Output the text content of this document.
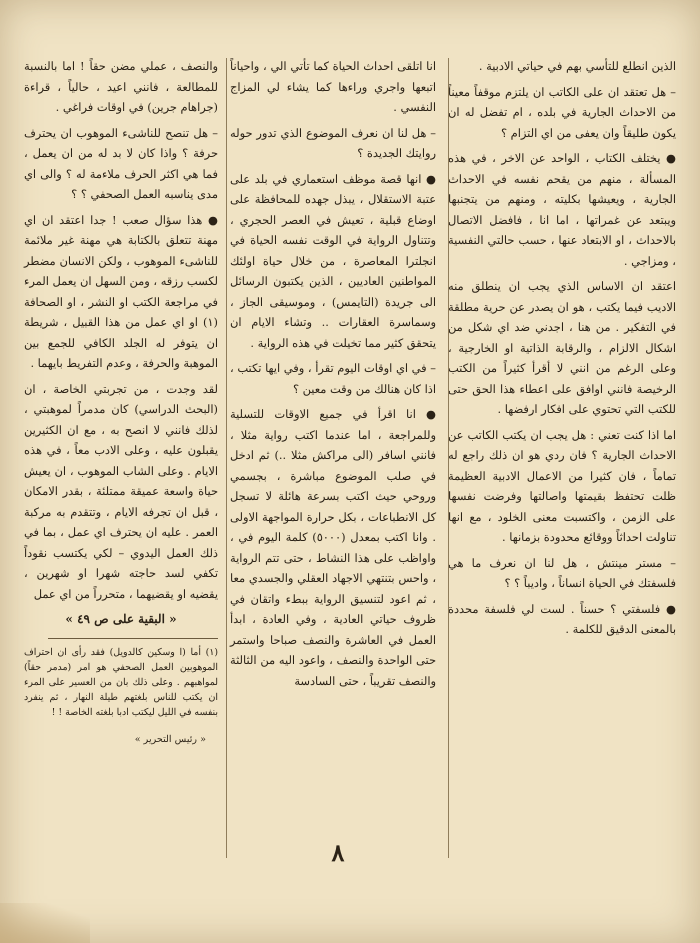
الذين انطلع للتأسي بهم في حياتي الادبية .

– هل تعتقد ان على الكاتب ان يلتزم موقفاً معيناً من الاحداث الجارية في بلده ، ام تفضل له ان يكون طليقاً وان يعفى من اي التزام ؟

● يختلف الكتاب ، الواحد عن الاخر ، في هذه المسألة ، منهم من يقحم نفسه في الاحداث الجارية ، ويعيشها بكليته ، ومنهم من يتجنبها ويبتعد عن غمراتها ، اما انا ، فافضل الاتصال بالاحداث ، او الابتعاد عنها ، حسب حالتي النفسية ، ومزاجي .

اعتقد ان الاساس الذي يجب ان ينطلق منه الاديب فيما يكتب ، هو ان يصدر عن حرية مطلقة في التفكير . من هنا ، اجدني ضد اي شكل من اشكال الالزام ، والرقابة الذاتية او الخارجية ، وعلى الرغم من انني لا أقرأ كثيراً من الكتب الرخيصة فانني اوافق على اعطاء هذا الحق حتى للكتب التي تحتوي على افكار ارفضها .

اما اذا كنت تعني : هل يجب ان يكتب الكاتب عن الاحداث الجارية ؟ فان ردي هو ان ذلك راجع له تماماً ، فان كثيرا من الاعمال الادبية العظيمة ظلت تحتفظ بقيمتها واصالتها وفرضت نفسها على الزمن ، واكتسبت معنى الخلود ، مع انها تناولت احداثاً ووقائع محدودة بزمانها .

– مستر مينتش ، هل لنا ان نعرف ما هي فلسفتك في الحياة انساناً ، واديباً ؟ ؟

● فلسفتي ؟ حسناً . لست لي فلسفة محددة بالمعنى الدقيق للكلمة .

انا اتلقى احداث الحياة كما تأتي الي ، واحياناً اتبعها واجري وراءها كما يشاء لي المزاج النفسي .

– هل لنا ان نعرف الموضوع الذي تدور حوله روايتك الجديدة ؟

● انها قصة موظف استعماري في بلد على عتبة الاستقلال ، يبذل جهده للمحافظة على اوضاع قبلية ، تعيش في العصر الحجري ، وتتناول الرواية في الوقت نفسه الحياة في انجلترا المعاصرة ، من خلال حياة اولئك المواطنين العاديين ، الذين يكتبون الرسائل الى جريدة (التايمس) ، وموسيقى الجاز ، وسماسرة العقارات .. وتشاء الايام ان يتحقق كثير مما تخيلت في هذه الرواية .

– في اي اوقات اليوم تقرأ ، وفي ايها تكتب ، اذا كان هنالك من وقت معين ؟

● انا اقرأ في جميع الاوقات للتسلية وللمراجعة ، اما عندما اكتب رواية مثلا ، فانني اسافر (الى مراكش مثلا ..) ثم ادخل في صلب الموضوع مباشرة ، بجسمي وروحي حيث اكتب بسرعة هائلة لا تسجل كل الانطباعات ، بكل حرارة المواجهة الاولى . وانا اكتب بمعدل (٥٠٠٠) كلمة اليوم في ، واواظب على هذا النشاط ، حتى تتم الرواية ، واحس بتنتهي الاجهاد العقلي والجسدي معا ، ثم اعود لتنسيق الرواية ببطء واتقان في ظروف حياتي العادية ، وفي العادة ، ابدأ العمل في العاشرة والنصف صباحا واستمر حتى الواحدة والنصف ، واعود اليه من الثالثة والنصف تقريباً ، حتى السادسة

والنصف ، عملي مضن حقاً ! اما بالنسبة للمطالعة ، فانني اعيد ، حالياً ، قراءة (جراهام جرين) في اوقات فراغي .

– هل تنصح للناشىء الموهوب ان يحترف حرفة ؟ واذا كان لا بد له من ان يعمل ، فما هي اكثر الحرف ملاءمة له ؟ والى اي مدى يناسبه العمل الصحفي ؟ ؟

● هذا سؤال صعب ! جدا اعتقد ان اي مهنة تتعلق بالكتابة هي مهنة غير ملائمة للناشىء الموهوب ، ولكن الانسان مضطر لكسب رزقه ، ومن السهل ان يعمل المرء في مراجعة الكتب او النشر ، او الصحافة (١) او اي عمل من هذا القبيل ، شريطة ان يتوفر له الجلد الكافي للجمع بين الموهبة والحرفة ، وعدم التفريط بايهما .

لقد وجدت ، من تجربتي الخاصة ، ان (البحث الدراسي) كان مدمراً لموهبتي ، لذلك فانني لا انصح به ، مع ان الكثيرين يقبلون عليه ، وعلى الادب معاً ، في هذه الايام . وعلى الشاب الموهوب ، ان يعيش حياة واسعة عميقة ممتلئة ، بقدر الامكان ، قبل ان تجرفه الايام ، وتتقدم به مركبة العمر . عليه ان يحترف اي عمل ، بما في ذلك العمل اليدوي – لكي يكتسب نقوداً تكفي لسد حاجته شهرا او شهرين ، يقضيه او يقضيهما ، متحرراً من اي عمل

« البقية على ص ٤٩ »

(١) أما (ا وسكين كالدويل) فقد رأى ان احتراف الموهوبين العمل الصحفي هو امر (مدمر حقاً) لمواهبهم . وعلى ذلك بان من العسير على المرء ان يكتب للناس بلغتهم طيلة النهار ، ثم ينفرد بنفسه في الليل ليكتب ادبا بلغته الخاصة ! !

« رئيس التحرير »
٨
